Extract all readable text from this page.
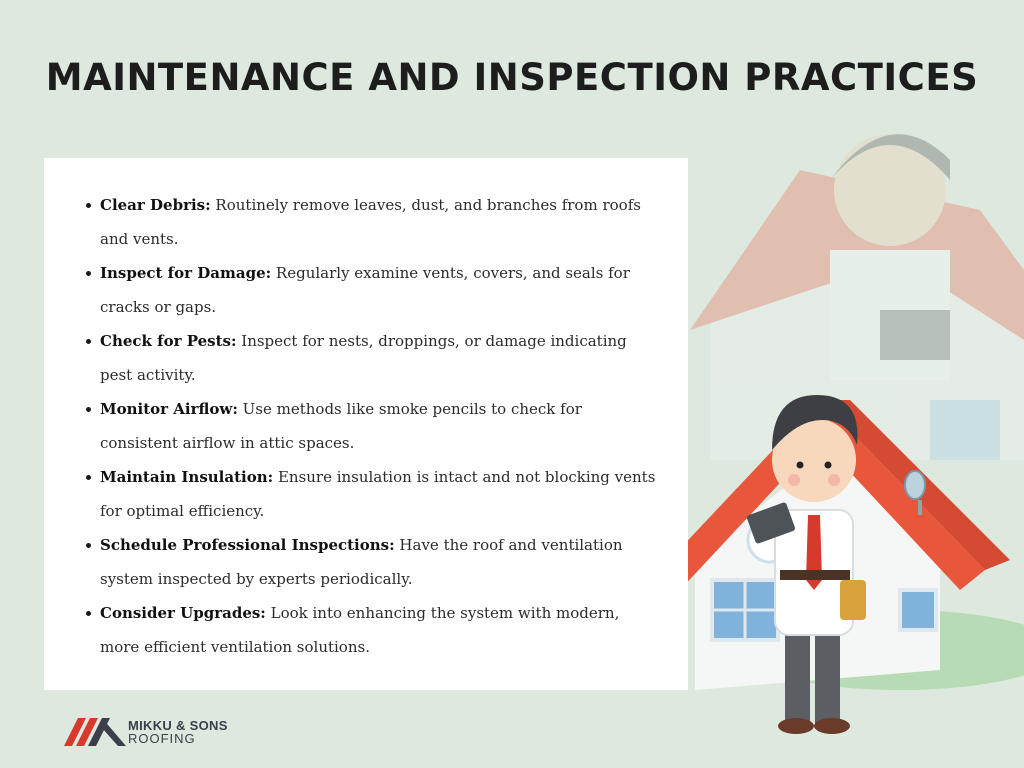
MAINTENANCE AND INSPECTION PRACTICES
Clear Debris: Routinely remove leaves, dust, and branches from roofs and vents.
Inspect for Damage: Regularly examine vents, covers, and seals for cracks or gaps.
Check for Pests: Inspect for nests, droppings, or damage indicating pest activity.
Monitor Airflow: Use methods like smoke pencils to check for consistent airflow in attic spaces.
Maintain Insulation: Ensure insulation is intact and not blocking vents for optimal efficiency.
Schedule Professional Inspections: Have the roof and ventilation system inspected by experts periodically.
Consider Upgrades: Look into enhancing the system with modern, more efficient ventilation solutions.
MIKKU & SONS
ROOFING
